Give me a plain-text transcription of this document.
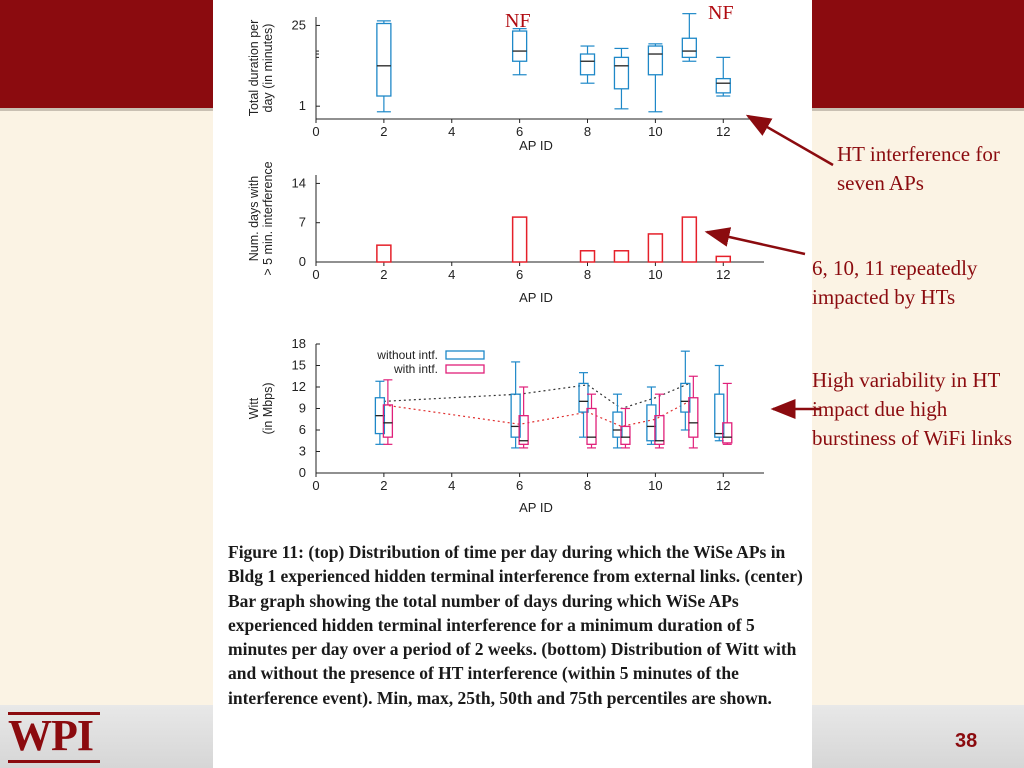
WPI	38
0	2	4	6	8	10	12
AP ID
1
25
Total duration per day (in minutes)
0	2	4	6	8	10	12
AP ID
0
7
14
Num. days with > 5 min. interference
0	2	4	6	8	10	12
AP ID
0
3
6
9
12
15
18
Witt (in Mbps)
without intf.
with intf.
NF	NF
Figure 11: (top) Distribution of time per day during which the WiSe APs in Bldg 1 experienced hidden terminal interference from external links. (center) Bar graph showing the total number of days during which WiSe APs experienced hidden terminal interference for a minimum duration of 5 minutes per day over a period of 2 weeks. (bottom) Distribution of Witt with and without the presence of HT interference (within 5 minutes of the interference event). Min, max, 25th, 50th and 75th percentiles are shown.
HT interference for seven APs
6, 10, 11 repeatedly impacted by HTs
High variability in HT impact due high burstiness of WiFi links
